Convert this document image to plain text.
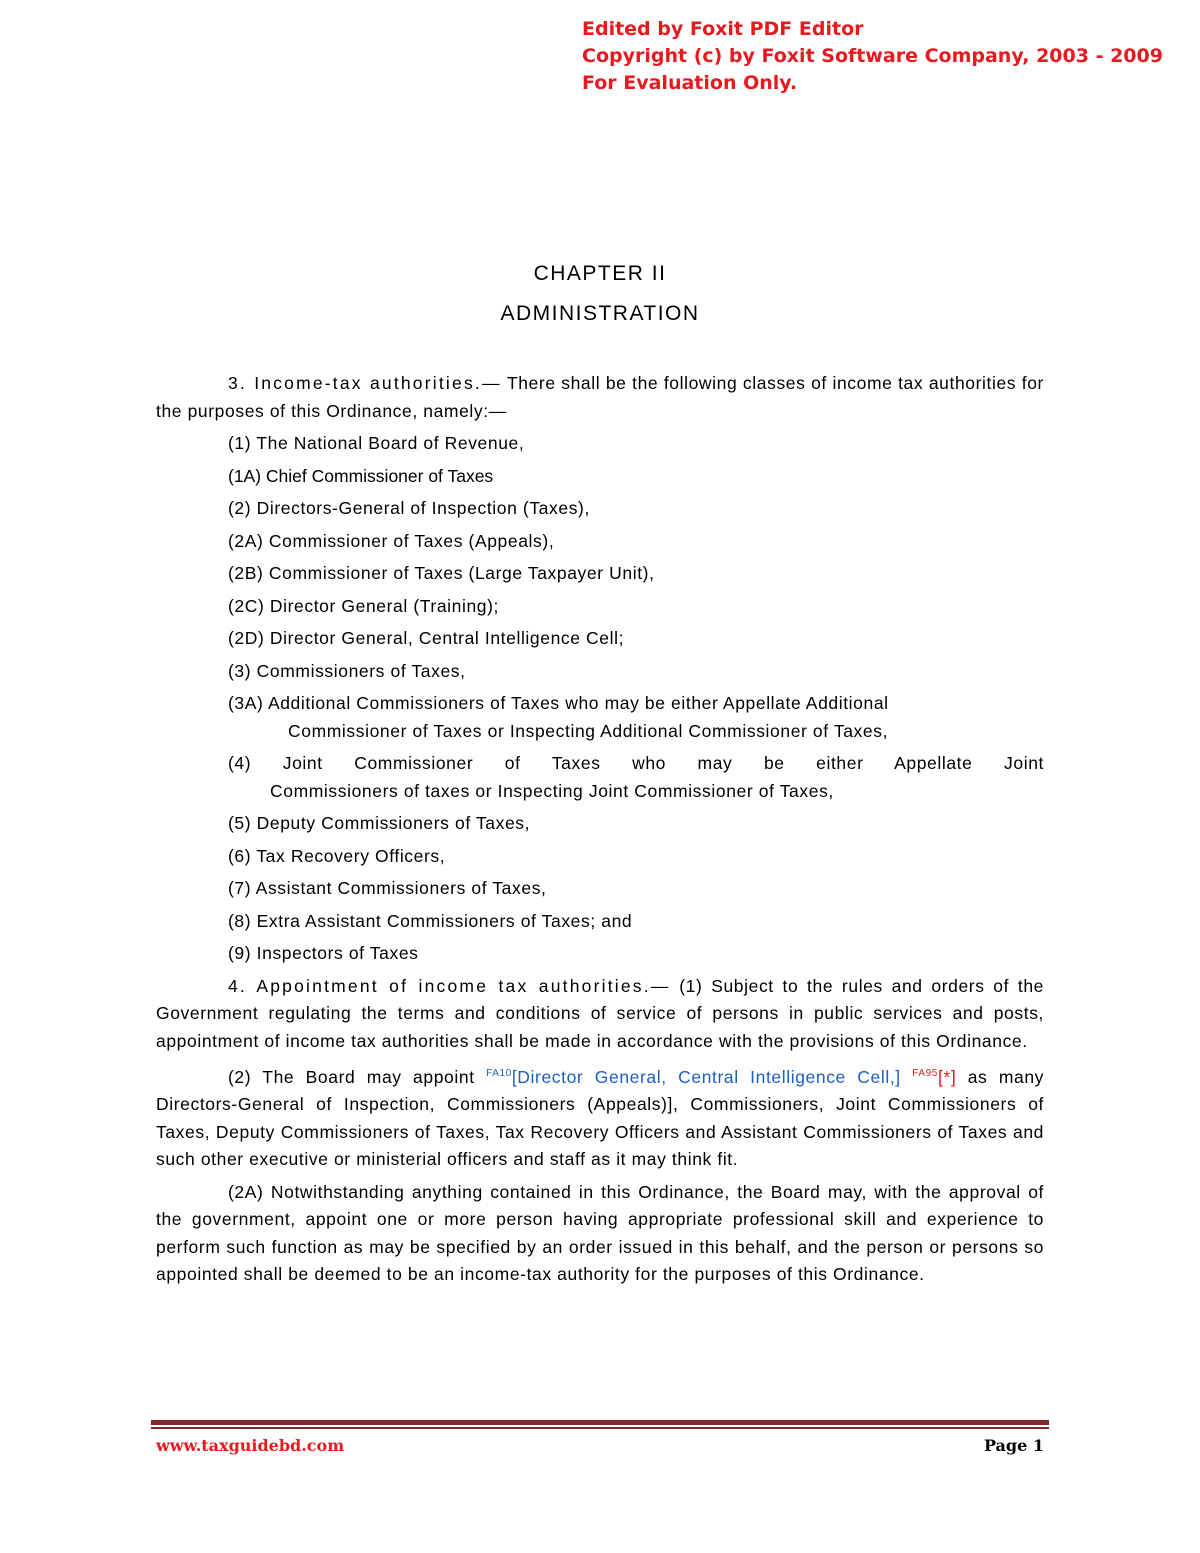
Edited by Foxit PDF Editor
Copyright (c) by Foxit Software Company, 2003 - 2009
For Evaluation Only.
CHAPTER II
ADMINISTRATION

3. Income-tax authorities.— There shall be the following classes of income tax authorities for the purposes of this Ordinance, namely:—

(1) The National Board of Revenue,

(1A) Chief Commissioner of Taxes

(2) Directors-General of Inspection (Taxes),

(2A) Commissioner of Taxes (Appeals),

(2B) Commissioner of Taxes (Large Taxpayer Unit),

(2C) Director General (Training);

(2D) Director General, Central Intelligence Cell;

(3) Commissioners of Taxes,

(3A) Additional Commissioners of Taxes who may be either Appellate Additional

Commissioner of Taxes or Inspecting Additional Commissioner of Taxes,

(4) Joint Commissioner of Taxes who may be either Appellate Joint

Commissioners of taxes or Inspecting Joint Commissioner of Taxes,

(5) Deputy Commissioners of Taxes,

(6) Tax Recovery Officers,

(7) Assistant Commissioners of Taxes,

(8) Extra Assistant Commissioners of Taxes; and

(9) Inspectors of Taxes

4. Appointment of income tax authorities.— (1) Subject to the rules and orders of the Government regulating the terms and conditions of service of persons in public services and posts, appointment of income tax authorities shall be made in accordance with the provisions of this Ordinance.

(2) The Board may appoint $^{FA10}$[Director General, Central Intelligence Cell,] $^{FA95}$[*] as many Directors-General of Inspection, Commissioners (Appeals)], Commissioners, Joint Commissioners of Taxes, Deputy Commissioners of Taxes, Tax Recovery Officers and Assistant Commissioners of Taxes and such other executive or ministerial officers and staff as it may think fit.

(2A) Notwithstanding anything contained in this Ordinance, the Board may, with the approval of the government, appoint one or more person having appropriate professional skill and experience to perform such function as may be specified by an order issued in this behalf, and the person or persons so appointed shall be deemed to be an income-tax authority for the purposes of this Ordinance.

www.taxguidebd.com	Page 1
